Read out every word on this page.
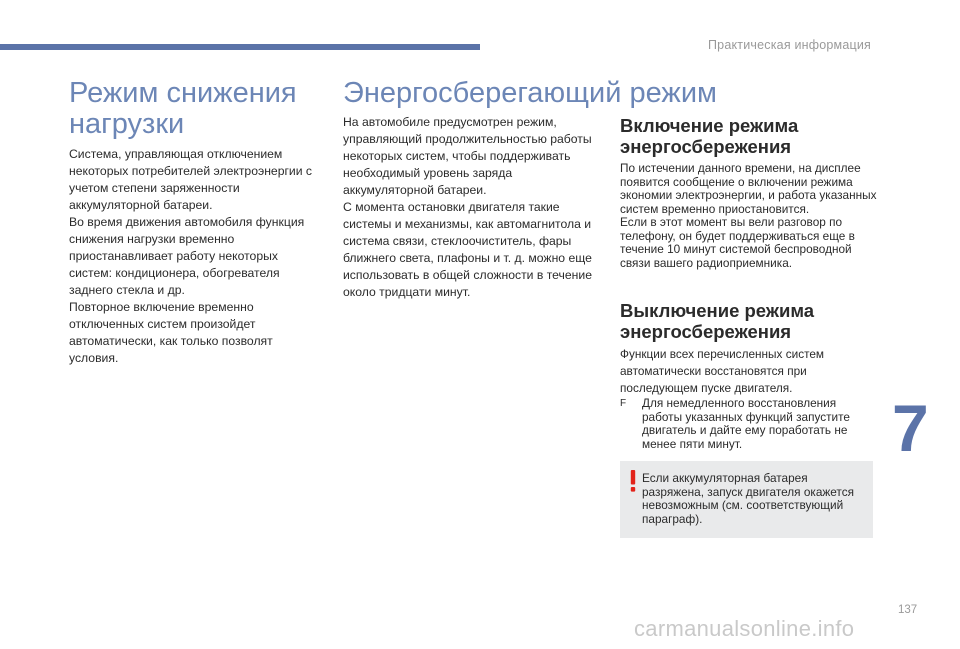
Практическая информация
Режим снижения нагрузки

Система, управляющая отключением некоторых потребителей электроэнергии с учетом степени заряженности аккумуляторной батареи.

Во время движения автомобиля функция снижения нагрузки временно приостанавливает работу некоторых систем: кондиционера, обогревателя заднего стекла и др.

Повторное включение временно отключенных систем произойдет автоматически, как только позволят условия.

Энергосберегающий режим

На автомобиле предусмотрен режим, управляющий продолжительностью работы некоторых систем, чтобы поддерживать необходимый уровень заряда аккумуляторной батареи.

С момента остановки двигателя такие системы и механизмы, как автомагнитола и система связи, стеклоочиститель, фары ближнего света, плафоны и т. д. можно еще использовать в общей сложности в течение около тридцати минут.

Включение режима энергосбережения

По истечении данного времени, на дисплее появится сообщение о включении режима экономии электроэнергии, и работа указанных систем временно приостановится.

Если в этот момент вы вели разговор по телефону, он будет поддерживаться еще в течение 10 минут системой беспроводной связи вашего радиоприемника.

Выключение режима энергосбережения

Функции всех перечисленных систем автоматически восстановятся при последующем пуске двигателя.

F	Для немедленного восстановления работы указанных функций запустите двигатель и дайте ему поработать не менее пяти минут.
Если аккумуляторная батарея разряжена, запуск двигателя окажется невозможным (см. соответствующий параграф).
7
137
carmanualsonline.info
